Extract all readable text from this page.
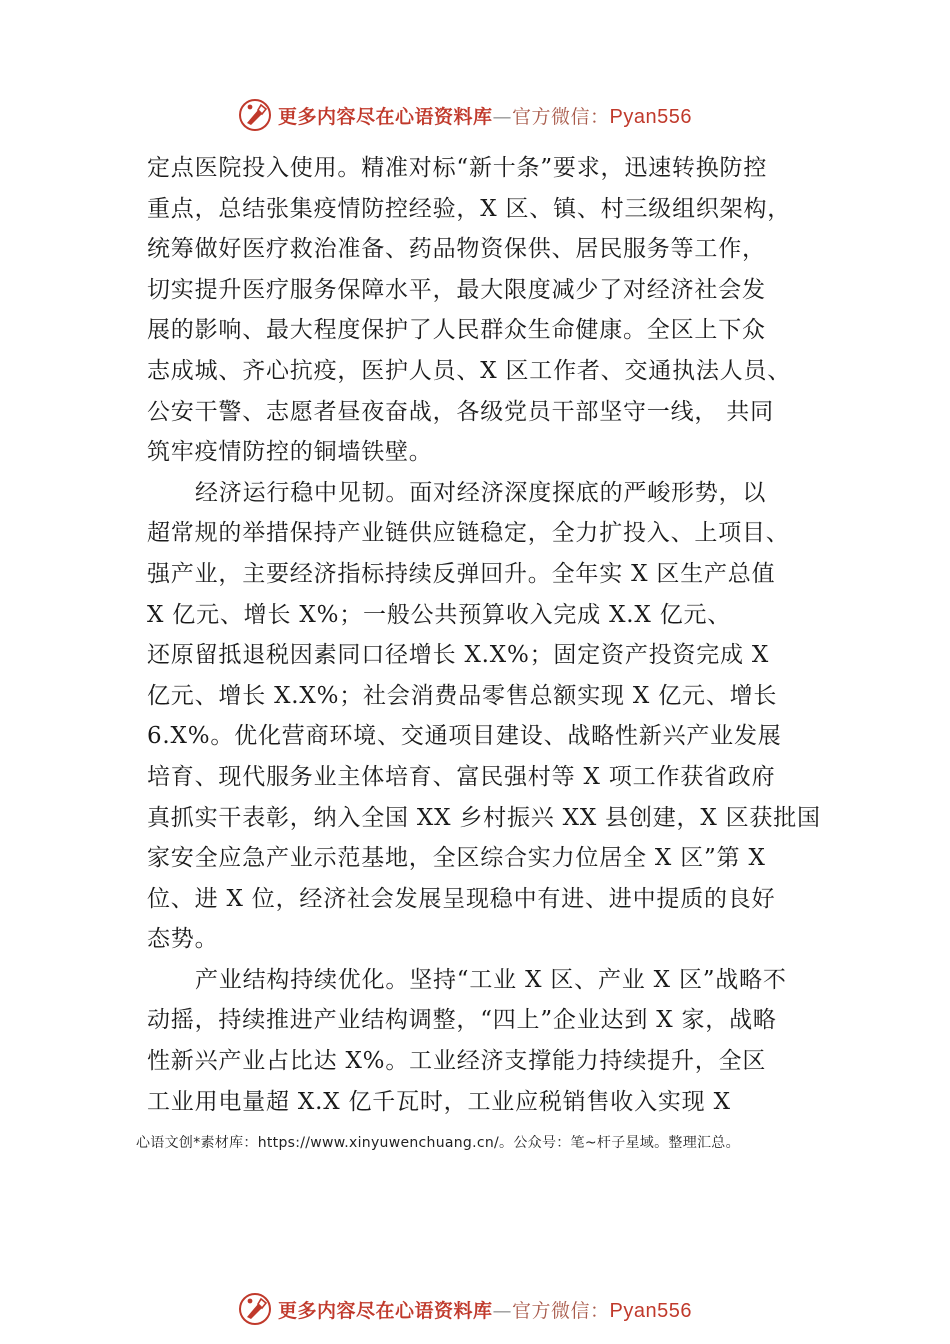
更多内容尽在心语资料库—官方微信：Pyan556
定点医院投入使用。精准对标“新十条”要求，迅速转换防控
重点，总结张集疫情防控经验，X 区、镇、村三级组织架构，
统筹做好医疗救治准备、药品物资保供、居民服务等工作，
切实提升医疗服务保障水平，最大限度减少了对经济社会发
展的影响、最大程度保护了人民群众生命健康。全区上下众
志成城、齐心抗疫，医护人员、X 区工作者、交通执法人员、
公安干警、志愿者昼夜奋战，各级党员干部坚守一线， 共同
筑牢疫情防控的铜墙铁壁。
经济运行稳中见韧。面对经济深度探底的严峻形势，以
超常规的举措保持产业链供应链稳定，全力扩投入、上项目、
强产业，主要经济指标持续反弹回升。全年实 X 区生产总值
X 亿元、增长 X%；一般公共预算收入完成 X.X 亿元、
还原留抵退税因素同口径增长 X.X%；固定资产投资完成 X
亿元、增长 X.X%；社会消费品零售总额实现 X 亿元、增长
6.X%。优化营商环境、交通项目建设、战略性新兴产业发展
培育、现代服务业主体培育、富民强村等 X 项工作获省政府
真抓实干表彰，纳入全国 XX 乡村振兴 XX 县创建，X 区获批国
家安全应急产业示范基地，全区综合实力位居全 X 区”第 X
位、进 X 位，经济社会发展呈现稳中有进、进中提质的良好
态势。
产业结构持续优化。坚持“工业 X 区、产业 X 区”战略不
动摇，持续推进产业结构调整，“四上”企业达到 X 家，战略
性新兴产业占比达 X%。工业经济支撑能力持续提升，全区
工业用电量超 X.X 亿千瓦时，工业应税销售收入实现 X
心语文创*素材库：https://www.xinyuwenchuang.cn/。公众号：笔~杆子星域。整理汇总。
更多内容尽在心语资料库—官方微信：Pyan556
